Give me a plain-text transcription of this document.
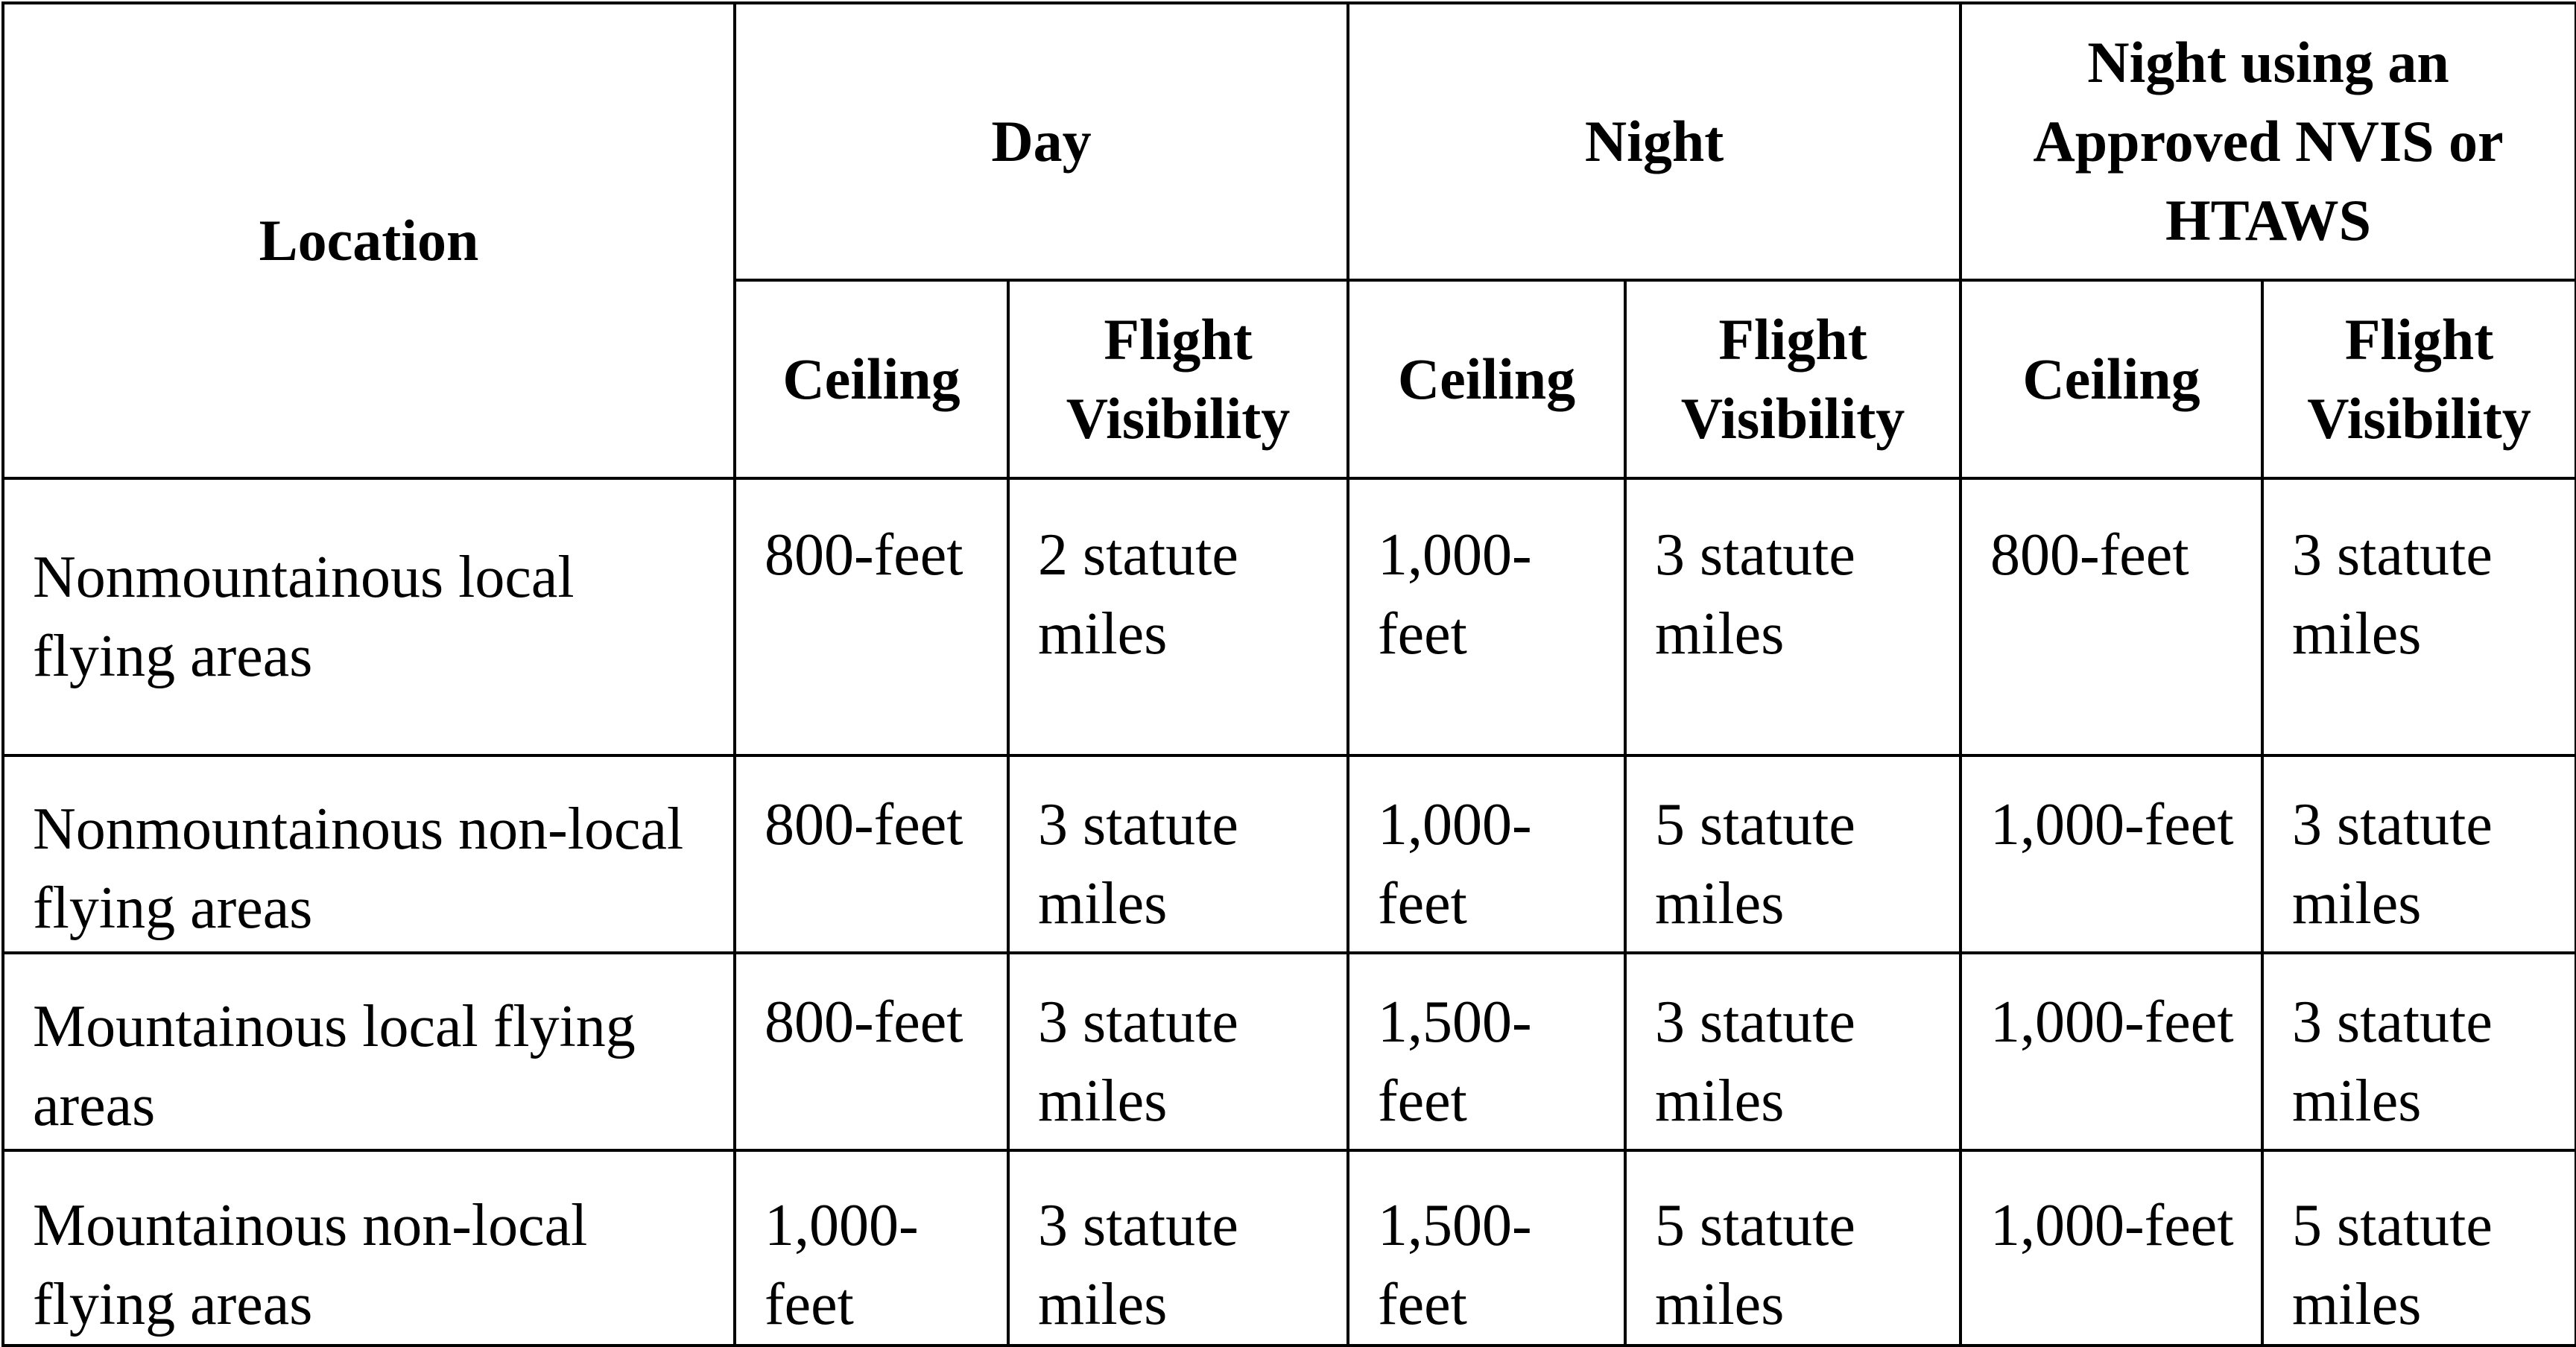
Location	Day		Night		Night using an Approved NVIS or HTAWS	
	Ceiling	Flight Visibility	Ceiling	Flight Visibility	Ceiling	Flight Visibility
Nonmountainous local flying areas	800-feet	2 statute miles	1,000-feet	3 statute miles	800-feet	3 statute miles
Nonmountainous non-local flying areas	800-feet	3 statute miles	1,000-feet	5 statute miles	1,000-feet	3 statute miles
Mountainous local flying areas	800-feet	3 statute miles	1,500-feet	3 statute miles	1,000-feet	3 statute miles
Mountainous non-local flying areas	1,000-feet	3 statute miles	1,500-feet	5 statute miles	1,000-feet	5 statute miles
